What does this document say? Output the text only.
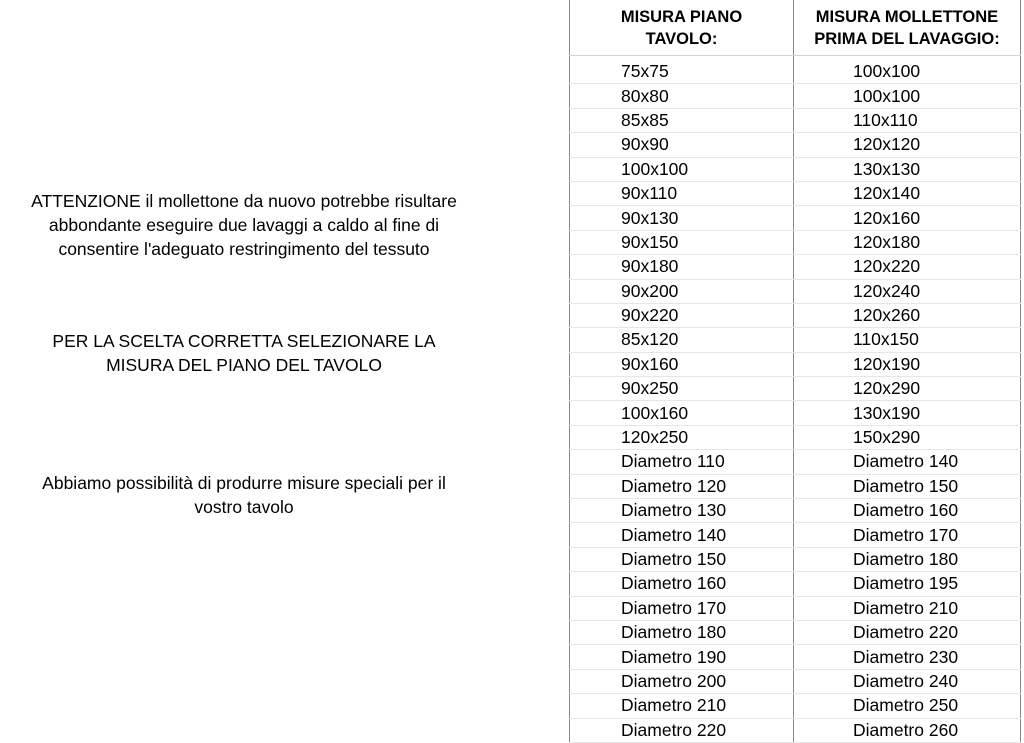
ATTENZIONE il mollettone da nuovo potrebbe risultare
abbondante eseguire due lavaggi a caldo al fine di
consentire l'adeguato restringimento del tessuto

PER LA SCELTA CORRETTA SELEZIONARE LA
MISURA DEL PIANO DEL TAVOLO

Abbiamo possibilità di produrre misure speciali per il
vostro tavolo

MISURA PIANO
TAVOLO:	MISURA MOLLETTONE
PRIMA DEL LAVAGGIO:

75x75	100x100
80x80	100x100
85x85	110x110
90x90	120x120
100x100	130x130
90x110	120x140
90x130	120x160
90x150	120x180
90x180	120x220
90x200	120x240
90x220	120x260
85x120	110x150
90x160	120x190
90x250	120x290
100x160	130x190
120x250	150x290
Diametro 110	Diametro 140
Diametro 120	Diametro 150
Diametro 130	Diametro 160
Diametro 140	Diametro 170
Diametro 150	Diametro 180
Diametro 160	Diametro 195
Diametro 170	Diametro 210
Diametro 180	Diametro 220
Diametro 190	Diametro 230
Diametro 200	Diametro 240
Diametro 210	Diametro 250
Diametro 220	Diametro 260
